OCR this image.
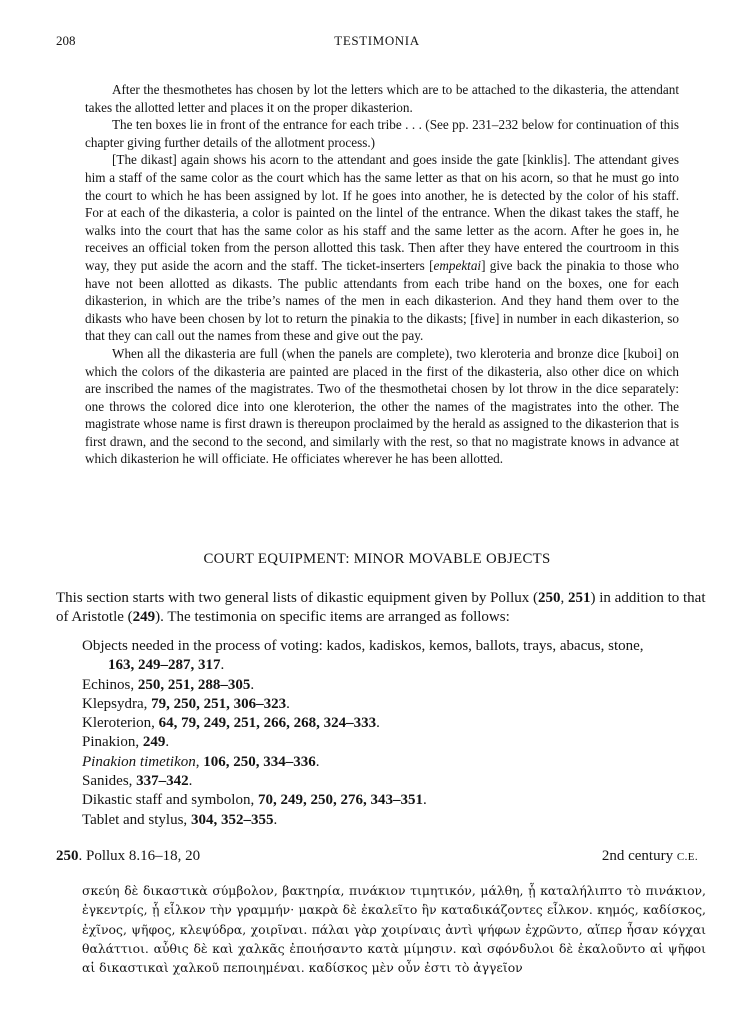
208	TESTIMONIA

After the thesmothetes has chosen by lot the letters which are to be attached to the dikasteria, the attendant takes the allotted letter and places it on the proper dikasterion.

The ten boxes lie in front of the entrance for each tribe . . . (See pp. 231–232 below for continuation of this chapter giving further details of the allotment process.)

[The dikast] again shows his acorn to the attendant and goes inside the gate [kinklis]. The attendant gives him a staff of the same color as the court which has the same letter as that on his acorn, so that he must go into the court to which he has been assigned by lot. If he goes into another, he is detected by the color of his staff. For at each of the dikasteria, a color is painted on the lintel of the entrance. When the dikast takes the staff, he walks into the court that has the same color as his staff and the same letter as the acorn. After he goes in, he receives an official token from the person allotted this task. Then after they have entered the courtroom in this way, they put aside the acorn and the staff. The ticket-inserters [empektai] give back the pinakia to those who have not been allotted as dikasts. The public attendants from each tribe hand on the boxes, one for each dikasterion, in which are the tribe’s names of the men in each dikasterion. And they hand them over to the dikasts who have been chosen by lot to return the pinakia to the dikasts; [five] in number in each dikasterion, so that they can call out the names from these and give out the pay.

When all the dikasteria are full (when the panels are complete), two kleroteria and bronze dice [kuboi] on which the colors of the dikasteria are painted are placed in the first of the dikasteria, also other dice on which are inscribed the names of the magistrates. Two of the thesmothetai chosen by lot throw in the dice separately: one throws the colored dice into one kleroterion, the other the names of the magistrates into the other. The magistrate whose name is first drawn is thereupon proclaimed by the herald as assigned to the dikasterion that is first drawn, and the second to the second, and similarly with the rest, so that no magistrate knows in advance at which dikasterion he will officiate. He officiates wherever he has been allotted.

COURT EQUIPMENT: MINOR MOVABLE OBJECTS

This section starts with two general lists of dikastic equipment given by Pollux (250, 251) in addition to that of Aristotle (249). The testimonia on specific items are arranged as follows:

Objects needed in the process of voting: kados, kadiskos, kemos, ballots, trays, abacus, stone,
163, 249–287, 317.

Echinos, 250, 251, 288–305.

Klepsydra, 79, 250, 251, 306–323.

Kleroterion, 64, 79, 249, 251, 266, 268, 324–333.

Pinakion, 249.

Pinakion timetikon, 106, 250, 334–336.

Sanides, 337–342.

Dikastic staff and symbolon, 70, 249, 250, 276, 343–351.

Tablet and stylus, 304, 352–355.

250. Pollux 8.16–18, 20	2nd century C.E.

σκεύη δὲ δικαστικὰ σύμβολον, βακτηρία, πινάκιον τιμητικόν, μάλθη, ᾗ καταλήλιπτο τὸ πινάκιον, ἐγκεντρίς, ᾗ εἷλκον τὴν γραμμήν· μακρὰ δὲ ἐκαλεῖτο ἣν καταδικάζοντες εἷλκον. κημός, καδίσκος, ἐχῖνος, ψῆφος, κλεψύδρα, χοιρῖναι. πάλαι γὰρ χοιρίναις ἀντὶ ψήφων ἐχρῶντο, αἵπερ ἦσαν κόγχαι θαλάττιοι. αὖθις δὲ καὶ χαλκᾶς ἐποιήσαντο κατὰ μίμησιν. καὶ σφόνδυλοι δὲ ἐκαλοῦντο αἱ ψῆφοι αἱ δικαστικαὶ χαλκοῦ πεποιημέναι. καδίσκος μὲν οὖν ἐστι τὸ ἀγγεῖον
